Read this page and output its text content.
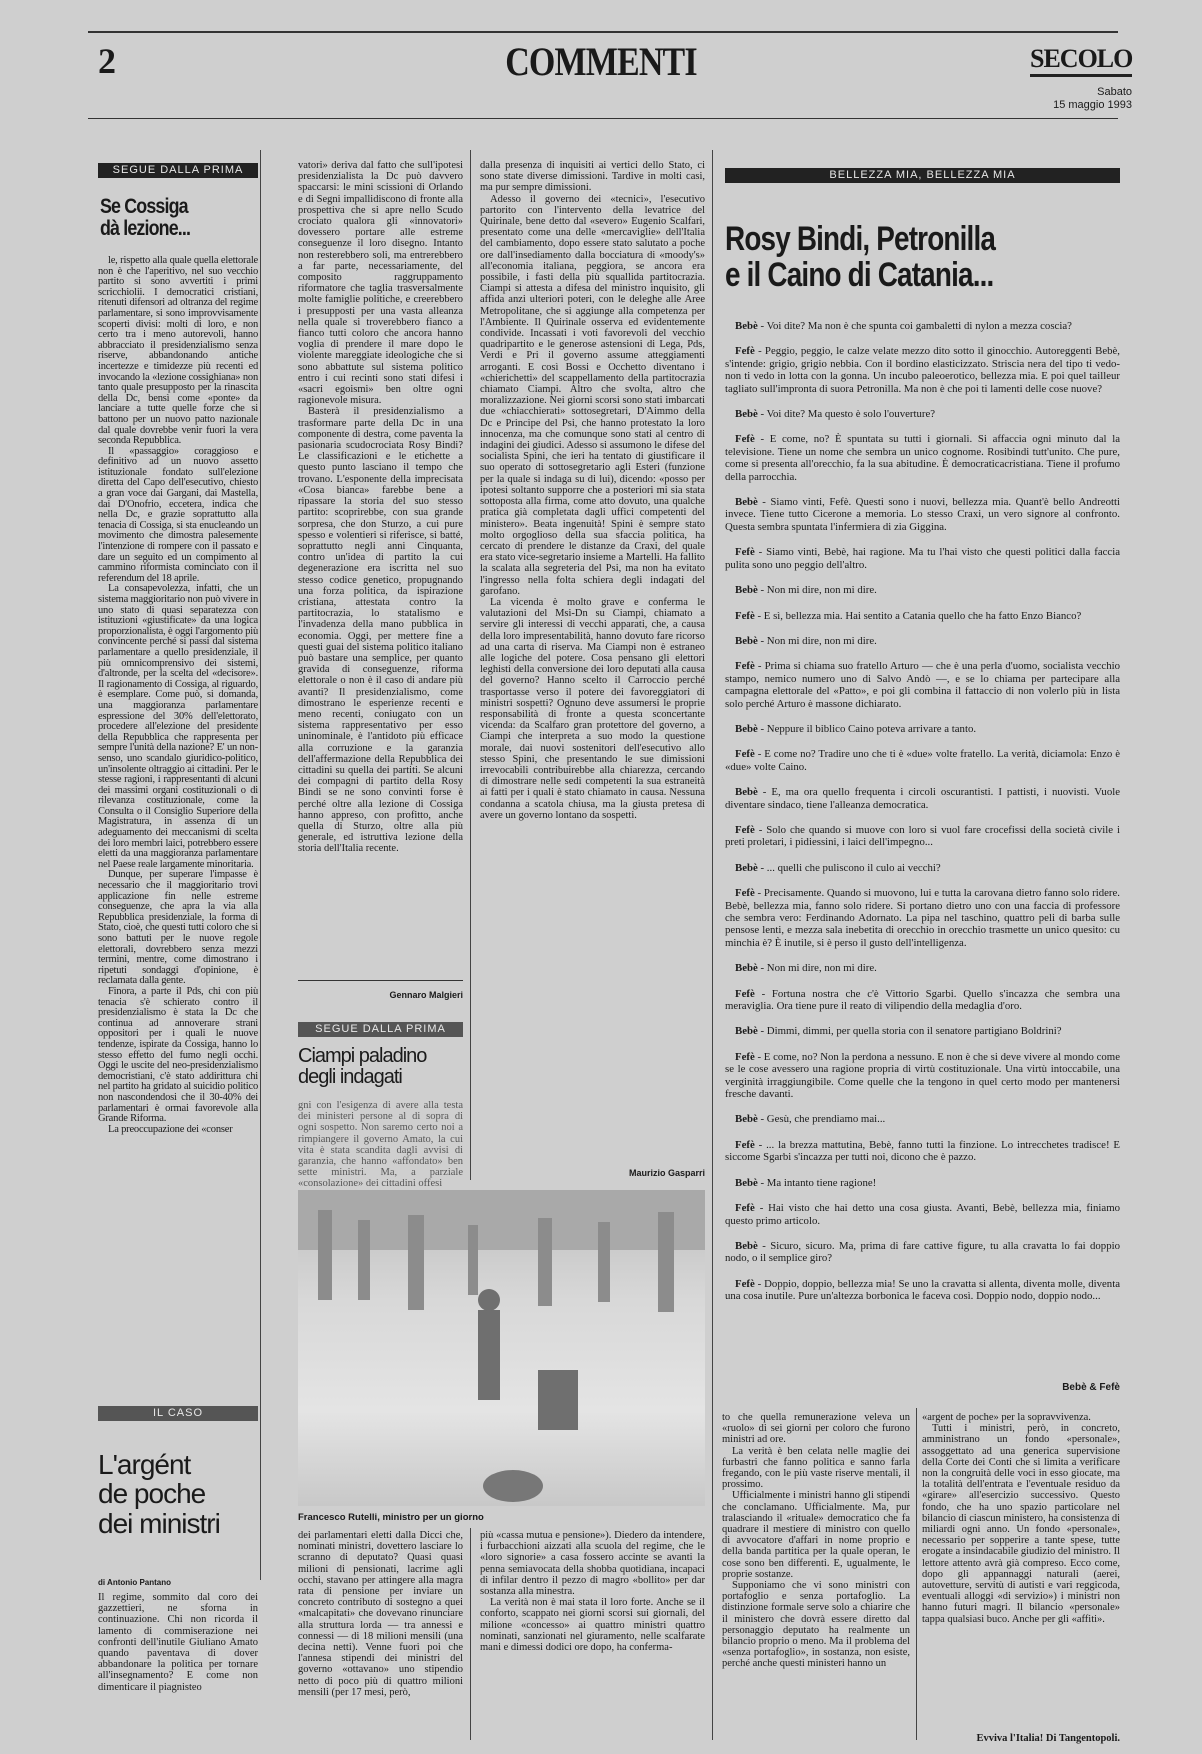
2	COMMENTI	SECOLO
Sabato
15 maggio 1993
SEGUE DALLA PRIMA
Se Cossiga
dà lezione...

le, rispetto alla quale quella elettorale non è che l'aperitivo, nel suo vecchio partito si sono avvertiti i primi scricchiolii. I democratici cristiani, ritenuti difensori ad oltranza del regime parlamentare, si sono improvvisamente scoperti divisi: molti di loro, e non certo tra i meno autorevoli, hanno abbracciato il presidenzialismo senza riserve, abbandonando antiche incertezze e timidezze più recenti ed invocando la «lezione cossighiana» non tanto quale presupposto per la rinascita della Dc, bensì come «ponte» da lanciare a tutte quelle forze che si battono per un nuovo patto nazionale dal quale dovrebbe venir fuori la vera seconda Repubblica.

Il «passaggio» coraggioso e definitivo ad un nuovo assetto istituzionale fondato sull'elezione diretta del Capo dell'esecutivo, chiesto a gran voce dai Gargani, dai Mastella, dai D'Onofrio, eccetera, indica che nella Dc, e grazie soprattutto alla tenacia di Cossiga, si sta enucleando un movimento che dimostra palesemente l'intenzione di rompere con il passato e dare un seguito ed un compimento al cammino riformista cominciato con il referendum del 18 aprile.

La consapevolezza, infatti, che un sistema maggioritario non può vivere in uno stato di quasi separatezza con istituzioni «giustificate» da una logica proporzionalista, è oggi l'argomento più convincente perché si passi dal sistema parlamentare a quello presidenziale, il più omnicomprensivo dei sistemi, d'altronde, per la scelta del «decisore». Il ragionamento di Cossiga, al riguardo, è esemplare. Come può, si domanda, una maggioranza parlamentare espressione del 30% dell'elettorato, procedere all'elezione del presidente della Repubblica che rappresenta per sempre l'unità della nazione? E' un non-senso, uno scandalo giuridico-politico, un'insolente oltraggio ai cittadini. Per le stesse ragioni, i rappresentanti di alcuni dei massimi organi costituzionali o di rilevanza costituzionale, come la Consulta o il Consiglio Superiore della Magistratura, in assenza di un adeguamento dei meccanismi di scelta dei loro membri laici, potrebbero essere eletti da una maggioranza parlamentare nel Paese reale largamente minoritaria.

Dunque, per superare l'impasse è necessario che il maggioritario trovi applicazione fin nelle estreme conseguenze, che apra la via alla Repubblica presidenziale, la forma di Stato, cioè, che questi tutti coloro che si sono battuti per le nuove regole elettorali, dovrebbero senza mezzi termini, mentre, come dimostrano i ripetuti sondaggi d'opinione, è reclamata dalla gente.

Finora, a parte il Pds, chi con più tenacia s'è schierato contro il presidenzialismo è stata la Dc che continua ad annoverare strani oppositori per i quali le nuove tendenze, ispirate da Cossiga, hanno lo stesso effetto del fumo negli occhi. Oggi le uscite del neo-presidenzialismo democristiani, c'è stato addirittura chi nel partito ha gridato al suicidio politico non nascondendosi che il 30-40% dei parlamentari è ormai favorevole alla Grande Riforma.

La preoccupazione dei «conser

vatori» deriva dal fatto che sull'ipotesi presidenzialista la Dc può davvero spaccarsi: le mini scissioni di Orlando e di Segni impallidiscono di fronte alla prospettiva che si apre nello Scudo crociato qualora gli «innovatori» dovessero portare alle estreme conseguenze il loro disegno. Intanto non resterebbero soli, ma entrerebbero a far parte, necessariamente, del composito raggruppamento riformatore che taglia trasversalmente molte famiglie politiche, e creerebbero i presupposti per una vasta alleanza nella quale si troverebbero fianco a fianco tutti coloro che ancora hanno voglia di prendere il mare dopo le violente mareggiate ideologiche che si sono abbattute sul sistema politico entro i cui recinti sono stati difesi i «sacri egoismi» ben oltre ogni ragionevole misura.

Basterà il presidenzialismo a trasformare parte della Dc in una componente di destra, come paventa la pasionaria scudocrociata Rosy Bindi? Le classificazioni e le etichette a questo punto lasciano il tempo che trovano. L'esponente della imprecisata «Cosa bianca» farebbe bene a ripassare la storia del suo stesso partito: scoprirebbe, con sua grande sorpresa, che don Sturzo, a cui pure spesso e volentieri si riferisce, si batté, soprattutto negli anni Cinquanta, contro un'idea di partito la cui degenerazione era iscritta nel suo stesso codice genetico, propugnando una forza politica, da ispirazione cristiana, attestata contro la partitocrazia, lo statalismo e l'invadenza della mano pubblica in economia. Oggi, per mettere fine a questi guai del sistema politico italiano può bastare una semplice, per quanto gravida di conseguenze, riforma elettorale o non è il caso di andare più avanti? Il presidenzialismo, come dimostrano le esperienze recenti e meno recenti, coniugato con un sistema rappresentativo per esso uninominale, è l'antidoto più efficace alla corruzione e la garanzia dell'affermazione della Repubblica dei cittadini su quella dei partiti. Se alcuni dei compagni di partito della Rosy Bindi se ne sono convinti forse è perché oltre alla lezione di Cossiga hanno appreso, con profitto, anche quella di Sturzo, oltre alla più generale, ed istruttiva lezione della storia dell'Italia recente.

Gennaro Malgieri
SEGUE DALLA PRIMA
Ciampi paladino
degli indagati

gni con l'esigenza di avere alla testa dei ministeri persone al di sopra di ogni sospetto. Non saremo certo noi a rimpiangere il governo Amato, la cui vita è stata scandita dagli avvisi di garanzia, che hanno «affondato» ben sette ministri. Ma, a parziale «consolazione» dei cittadini offesi

dalla presenza di inquisiti ai vertici dello Stato, ci sono state diverse dimissioni. Tardive in molti casi, ma pur sempre dimissioni.

Adesso il governo dei «tecnici», l'esecutivo partorito con l'intervento della levatrice del Quirinale, bene detto dal «severo» Eugenio Scalfari, presentato come una delle «mercaviglie» dell'Italia del cambiamento, dopo essere stato salutato a poche ore dall'insediamento dalla bocciatura di «moody's» all'economia italiana, peggiora, se ancora era possibile, i fasti della più squallida partitocrazia. Ciampi si attesta a difesa del ministro inquisito, gli affida anzi ulteriori poteri, con le deleghe alle Aree Metropolitane, che si aggiunge alla competenza per l'Ambiente. Il Quirinale osserva ed evidentemente condivide. Incassati i voti favorevoli del vecchio quadripartito e le generose astensioni di Lega, Pds, Verdi e Pri il governo assume atteggiamenti arroganti. E così Bossi e Occhetto diventano i «chierichetti» del scappellamento della partitocrazia chiamato Ciampi. Altro che svolta, altro che moralizzazione. Nei giorni scorsi sono stati imbarcati due «chiacchierati» sottosegretari, D'Aimmo della Dc e Principe del Psi, che hanno protestato la loro innocenza, ma che comunque sono stati al centro di indagini dei giudici. Adesso si assumono le difese del socialista Spini, che ieri ha tentato di giustificare il suo operato di sottosegretario agli Esteri (funzione per la quale si indaga su di lui), dicendo: «posso per ipotesi soltanto supporre che a posteriori mi sia stata sottoposta alla firma, come atto dovuto, una qualche pratica già completata dagli uffici competenti del ministero». Beata ingenuità! Spini è sempre stato molto orgoglioso della sua sfaccia politica, ha cercato di prendere le distanze da Craxi, del quale era stato vice-segretario insieme a Martelli. Ha fallito la scalata alla segreteria del Psi, ma non ha evitato l'ingresso nella folta schiera degli indagati del garofano.

La vicenda è molto grave e conferma le valutazioni del Msi-Dn su Ciampi, chiamato a servire gli interessi di vecchi apparati, che, a causa della loro impresentabilità, hanno dovuto fare ricorso ad una carta di riserva. Ma Ciampi non è estraneo alle logiche del potere. Cosa pensano gli elettori leghisti della conversione dei loro deputati alla causa del governo? Hanno scelto il Carroccio perché trasportasse verso il potere dei favoreggiatori di ministri sospetti? Ognuno deve assumersi le proprie responsabilità di fronte a questa sconcertante vicenda: da Scalfaro gran protettore del governo, a Ciampi che interpreta a suo modo la questione morale, dai nuovi sostenitori dell'esecutivo allo stesso Spini, che presentando le sue dimissioni irrevocabili contribuirebbe alla chiarezza, cercando di dimostrare nelle sedi competenti la sua estraneità ai fatti per i quali è stato chiamato in causa. Nessuna condanna a scatola chiusa, ma la giusta pretesa di avere un governo lontano da sospetti.

Maurizio Gasparri
Francesco Rutelli, ministro per un giorno
BELLEZZA MIA, BELLEZZA MIA
Rosy Bindi, Petronilla
e il Caino di Catania...

Bebè - Voi dite? Ma non è che spunta coi gambaletti di nylon a mezza coscia?

Fefè - Peggio, peggio, le calze velate mezzo dito sotto il ginocchio. Autoreggenti Bebè, s'intende: grigio, grigio nebbia. Con il bordino elasticizzato. Striscia nera del tipo ti vedo-non ti vedo in lotta con la gonna. Un incubo paleoerotico, bellezza mia. E poi quel tailleur tagliato sull'impronta di suora Petronilla. Ma non è che poi ti lamenti delle cose nuove?

Bebè - Voi dite? Ma questo è solo l'ouverture?

Fefè - E come, no? È spuntata su tutti i giornali. Si affaccia ogni minuto dal la televisione. Tiene un nome che sembra un unico cognome. Rosibindi tutt'unito. Che pure, come si presenta all'orecchio, fa la sua abitudine. È democraticacristiana. Tiene il profumo della parrocchia.

Bebè - Siamo vinti, Fefè. Questi sono i nuovi, bellezza mia. Quant'è bello Andreotti invece. Tiene tutto Cicerone a memoria. Lo stesso Craxi, un vero signore al confronto. Questa sembra spuntata l'infermiera di zia Giggina.

Fefè - Siamo vinti, Bebè, hai ragione. Ma tu l'hai visto che questi politici dalla faccia pulita sono uno peggio dell'altro.

Bebè - Non mi dire, non mi dire.

Fefè - E sì, bellezza mia. Hai sentito a Catania quello che ha fatto Enzo Bianco?

Bebè - Non mi dire, non mi dire.

Fefè - Prima si chiama suo fratello Arturo — che è una perla d'uomo, socialista vecchio stampo, nemico numero uno di Salvo Andò —, e se lo chiama per partecipare alla campagna elettorale del «Patto», e poi gli combina il fattaccio di non volerlo più in lista solo perché Arturo è massone dichiarato.

Bebè - Neppure il biblico Caino poteva arrivare a tanto.

Fefè - E come no? Tradire uno che ti è «due» volte fratello. La verità, diciamola: Enzo è «due» volte Caino.

Bebè - E, ma ora quello frequenta i circoli oscurantisti. I pattisti, i nuovisti. Vuole diventare sindaco, tiene l'alleanza democratica.

Fefè - Solo che quando si muove con loro si vuol fare crocefissi della società civile i preti proletari, i pidiessini, i laici dell'impegno...

Bebè - ... quelli che puliscono il culo ai vecchi?

Fefè - Precisamente. Quando si muovono, lui e tutta la carovana dietro fanno solo ridere. Bebè, bellezza mia, fanno solo ridere. Si portano dietro uno con una faccia di professore che sembra vero: Ferdinando Adornato. La pipa nel taschino, quattro peli di barba sulle pensose lenti, e mezza sala inebetita di orecchio in orecchio trasmette un unico quesito: cu minchia è? È inutile, si è perso il gusto dell'intelligenza.

Bebè - Non mi dire, non mi dire.

Fefè - Fortuna nostra che c'è Vittorio Sgarbi. Quello s'incazza che sembra una meraviglia. Ora tiene pure il reato di vilipendio della medaglia d'oro.

Bebè - Dimmi, dimmi, per quella storia con il senatore partigiano Boldrini?

Fefè - E come, no? Non la perdona a nessuno. E non è che si deve vivere al mondo come se le cose avessero una ragione propria di virtù costituzionale. Una virtù intoccabile, una verginità irraggiungibile. Come quelle che la tengono in quel certo modo per mantenersi fresche davanti.

Bebè - Gesù, che prendiamo mai...

Fefè - ... la brezza mattutina, Bebè, fanno tutti la finzione. Lo intrecchetes tradisce! E siccome Sgarbi s'incazza per tutti noi, dicono che è pazzo.

Bebè - Ma intanto tiene ragione!

Fefè - Hai visto che hai detto una cosa giusta. Avanti, Bebè, bellezza mia, finiamo questo primo articolo.

Bebè - Sicuro, sicuro. Ma, prima di fare cattive figure, tu alla cravatta lo fai doppio nodo, o il semplice giro?

Fefè - Doppio, doppio, bellezza mia! Se uno la cravatta si allenta, diventa molle, diventa una cosa inutile. Pure un'altezza borbonica le faceva così. Doppio nodo, doppio nodo...

Bebè & Fefè
IL CASO
L'argént
de poche
dei ministri
di Antonio Pantano

Il regime, sommito dal coro dei gazzettieri, ne sforna in continuazione. Chi non ricorda il lamento di commiserazione nei confronti dell'inutile Giuliano Amato quando paventava di dover abbandonare la politica per tornare all'insegnamento? E come non dimenticare il piagnisteo

dei parlamentari eletti dalla Dicci che, nominati ministri, dovettero lasciare lo scranno di deputato? Quasi quasi milioni di pensionati, lacrime agli occhi, stavano per attingere alla magra rata di pensione per inviare un concreto contributo di sostegno a quei «malcapitati» che dovevano rinunciare alla struttura lorda — tra annessi e connessi — di 18 milioni mensili (una decina netti). Venne fuori poi che l'annesa stipendi dei ministri del governo «ottavano» uno stipendio netto di poco più di quattro milioni mensili (per 17 mesi, però,

più «cassa mutua e pensione»). Diedero da intendere, i furbacchioni aizzati alla scuola del regime, che le «loro signorie» a casa fossero accinte se avanti la penna semiavocata della shobba quotidiana, incapaci di infilar dentro il pezzo di magro «bollito» per dar sostanza alla minestra.

La verità non è mai stata il loro forte. Anche se il conforto, scappato nei giorni scorsi sui giornali, del milione «concesso» ai quattro ministri quattro nominati, sanzionati nel giuramento, nelle scalfarate mani e dimessi dodici ore dopo, ha conferma-

to che quella remunerazione veleva un «ruolo» di sei giorni per coloro che furono ministri ad ore.

La verità è ben celata nelle maglie dei furbastri che fanno politica e sanno farla fregando, con le più vaste riserve mentali, il prossimo.

Ufficialmente i ministri hanno gli stipendi che conclamano. Ufficialmente. Ma, pur tralasciando il «rituale» democratico che fa quadrare il mestiere di ministro con quello di avvocatore d'affari in nome proprio e della banda partitica per la quale operan, le cose sono ben differenti. E, ugualmente, le proprie sostanze.

Supponiamo che vi sono ministri con portafoglio e senza portafoglio. La distinzione formale serve solo a chiarire che il ministero che dovrà essere diretto dal personaggio deputato ha realmente un bilancio proprio o meno. Ma il problema del «senza portafoglio», in sostanza, non esiste, perché anche questi ministeri hanno un

«argent de poche» per la sopravvivenza.

Tutti i ministri, però, in concreto, amministrano un fondo «personale», assoggettato ad una generica supervisione della Corte dei Conti che si limita a verificare non la congruità delle voci in esso giocate, ma la totalità dell'entrata e l'eventuale residuo da «girare» all'esercizio successivo. Questo fondo, che ha uno spazio particolare nel bilancio di ciascun ministero, ha consistenza di miliardi ogni anno. Un fondo «personale», necessario per sopperire a tante spese, tutte erogate a insindacabile giudizio del ministro. Il lettore attento avrà già compreso. Ecco come, dopo gli appannaggi naturali (aerei, autovetture, servitù di autisti e vari reggicoda, eventuali alloggi «di servizio») i ministri non hanno futuri magri. Il bilancio «personale» tappa qualsiasi buco. Anche per gli «affiti».

Evviva l'Italia! Di Tangentopoli.
